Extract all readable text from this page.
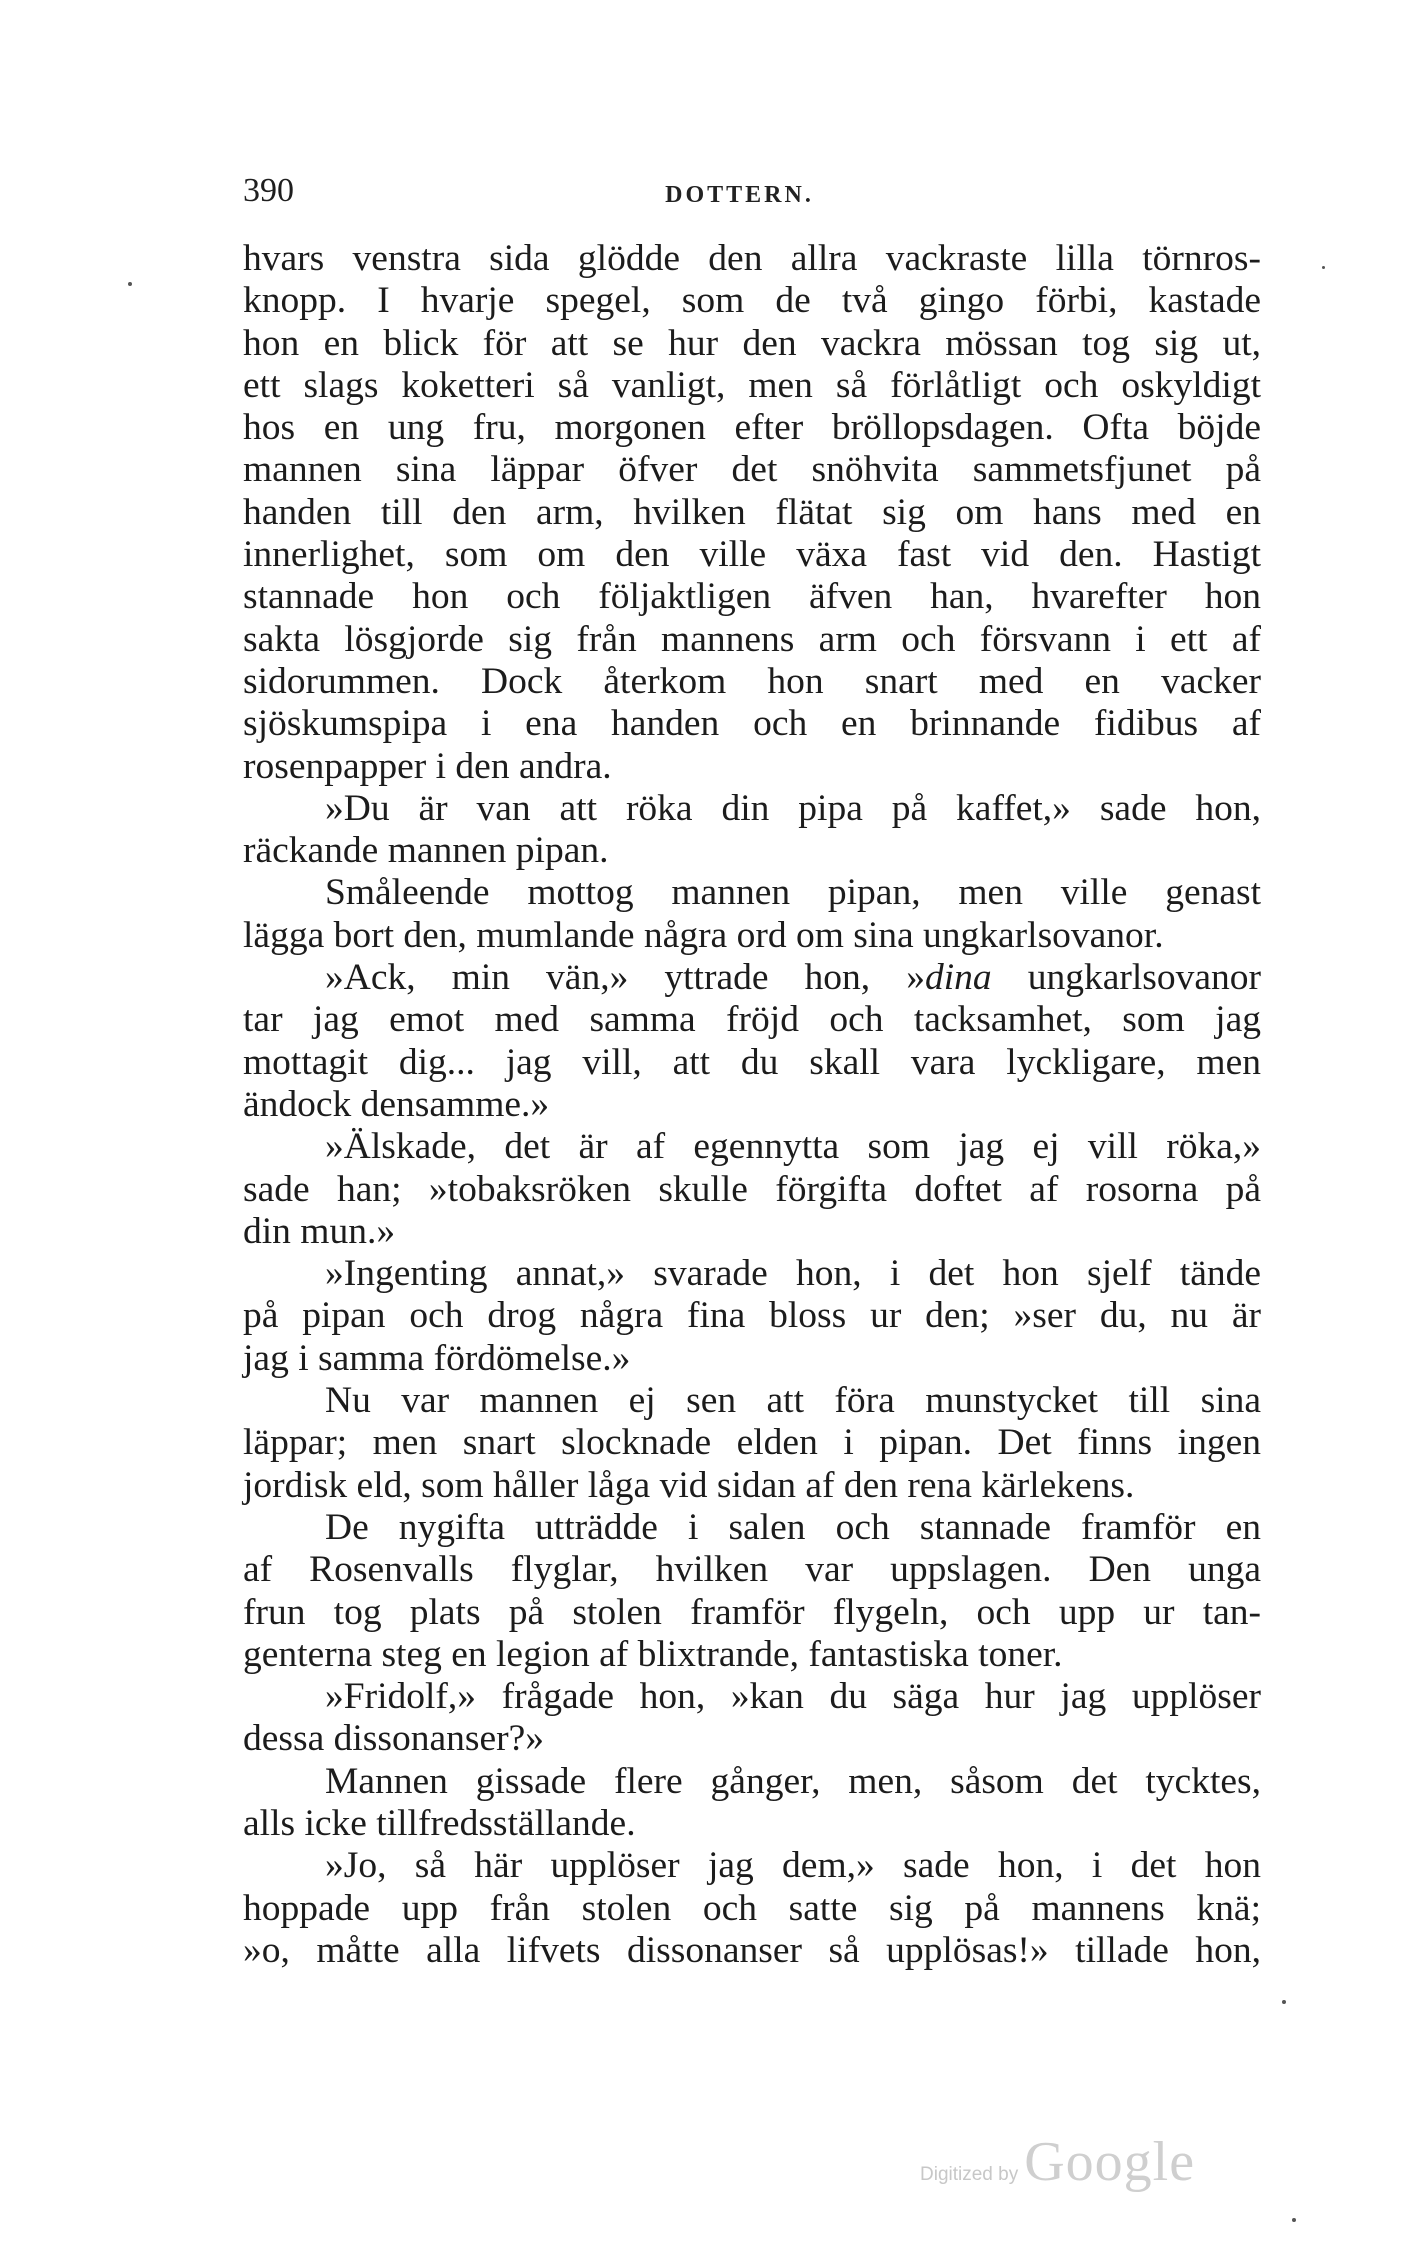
390	DOTTERN.
hvars venstra sida glödde den allra vackraste lilla törnros-
knopp. I hvarje spegel, som de två gingo förbi, kastade
hon en blick för att se hur den vackra mössan tog sig ut,
ett slags koketteri så vanligt, men så förlåtligt och oskyldigt
hos en ung fru, morgonen efter bröllopsdagen. Ofta böjde
mannen sina läppar öfver det snöhvita sammetsfjunet på
handen till den arm, hvilken flätat sig om hans med en
innerlighet, som om den ville växa fast vid den. Hastigt
stannade hon och följaktligen äfven han, hvarefter hon
sakta lösgjorde sig från mannens arm och försvann i ett af
sidorummen. Dock återkom hon snart med en vacker
sjöskumspipa i ena handen och en brinnande fidibus af
rosenpapper i den andra.
»Du är van att röka din pipa på kaffet,» sade hon,
räckande mannen pipan.
Småleende mottog mannen pipan, men ville genast
lägga bort den, mumlande några ord om sina ungkarlsovanor.
»Ack, min vän,» yttrade hon, »dina ungkarlsovanor
tar jag emot med samma fröjd och tacksamhet, som jag
mottagit dig... jag vill, att du skall vara lyckligare, men
ändock densamme.»
»Älskade, det är af egennytta som jag ej vill röka,»
sade han; »tobaksröken skulle förgifta doftet af rosorna på
din mun.»
»Ingenting annat,» svarade hon, i det hon sjelf tände
på pipan och drog några fina bloss ur den; »ser du, nu är
jag i samma fördömelse.»
Nu var mannen ej sen att föra munstycket till sina
läppar; men snart slocknade elden i pipan. Det finns ingen
jordisk eld, som håller låga vid sidan af den rena kärlekens.
De nygifta utträdde i salen och stannade framför en
af Rosenvalls flyglar, hvilken var uppslagen. Den unga
frun tog plats på stolen framför flygeln, och upp ur tan-
genterna steg en legion af blixtrande, fantastiska toner.
»Fridolf,» frågade hon, »kan du säga hur jag upplöser
dessa dissonanser?»
Mannen gissade flere gånger, men, såsom det tycktes,
alls icke tillfredsställande.
»Jo, så här upplöser jag dem,» sade hon, i det hon
hoppade upp från stolen och satte sig på mannens knä;
»o, måtte alla lifvets dissonanser så upplösas!» tillade hon,
Digitized by Google
